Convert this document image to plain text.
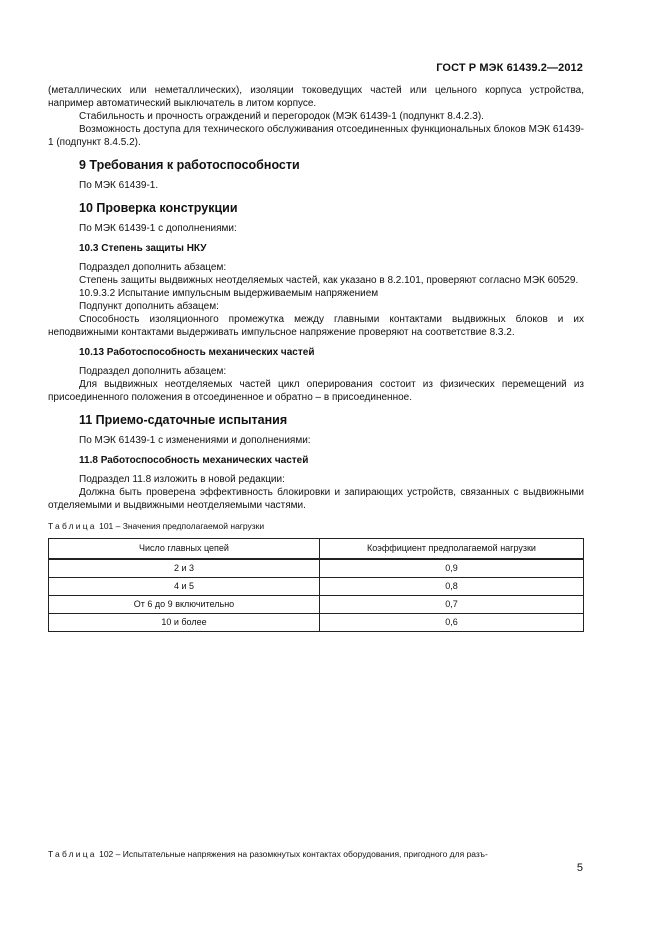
ГОСТ Р МЭК 61439.2—2012

(металлических или неметаллических), изоляции токоведущих частей или цельного корпуса устройства, например автоматический выключатель в литом корпусе.

Стабильность и прочность ограждений и перегородок (МЭК 61439-1 (подпункт 8.4.2.3).

Возможность доступа для технического обслуживания отсоединенных функциональных блоков МЭК 61439-1 (подпункт 8.4.5.2).

9 Требования к работоспособности

По МЭК 61439-1.

10 Проверка конструкции

По МЭК 61439-1 с дополнениями:

10.3 Степень защиты НКУ

Подраздел дополнить абзацем:

Степень защиты выдвижных неотделяемых частей, как указано в 8.2.101, проверяют согласно МЭК 60529.

10.9.3.2 Испытание импульсным выдерживаемым напряжением

Подпункт дополнить абзацем:

Способность изоляционного промежутка между главными контактами выдвижных блоков и их неподвижными контактами выдерживать импульсное напряжение проверяют на соответствие 8.3.2.

10.13 Работоспособность механических частей

Подраздел дополнить абзацем:

Для выдвижных неотделяемых частей цикл оперирования состоит из физических перемещений из присоединенного положения в отсоединенное и обратно – в присоединенное.

11 Приемо-сдаточные испытания

По МЭК 61439-1 с изменениями и дополнениями:

11.8 Работоспособность механических частей

Подраздел 11.8 изложить в новой редакции:

Должна быть проверена эффективность блокировки и запирающих устройств, связанных с выдвижными отделяемыми и выдвижными неотделяемыми частями.

Таблица 101 – Значения предполагаемой нагрузки
Число главных цепей	Коэффициент предполагаемой нагрузки
2 и 3	0,9
4 и 5	0,8
От 6 до 9 включительно	0,7
10 и более	0,6
Таблица 102 – Испытательные напряжения на разомкнутых контактах оборудования, пригодного для разъ-
5
